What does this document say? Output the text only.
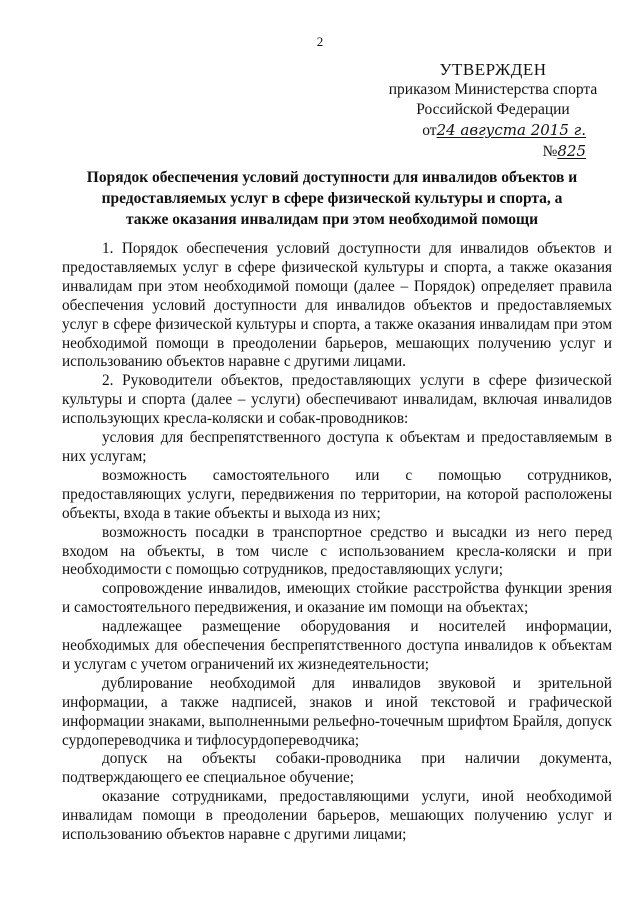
2
УТВЕРЖДЕН
приказом Министерства спорта
Российской Федерации
от24 августа 2015 г. №825
Порядок обеспечения условий доступности для инвалидов объектов и предоставляемых услуг в сфере физической культуры и спорта, а также оказания инвалидам при этом необходимой помощи

1. Порядок обеспечения условий доступности для инвалидов объектов и предоставляемых услуг в сфере физической культуры и спорта, а также оказания инвалидам при этом необходимой помощи (далее – Порядок) определяет правила обеспечения условий доступности для инвалидов объектов и предоставляемых услуг в сфере физической культуры и спорта, а также оказания инвалидам при этом необходимой помощи в преодолении барьеров, мешающих получению услуг и использованию объектов наравне с другими лицами.

2. Руководители объектов, предоставляющих услуги в сфере физической культуры и спорта (далее – услуги) обеспечивают инвалидам, включая инвалидов использующих кресла-коляски и собак-проводников:

условия для беспрепятственного доступа к объектам и предоставляемым в них услугам;

возможность самостоятельного или с помощью сотрудников, предоставляющих услуги, передвижения по территории, на которой расположены объекты, входа в такие объекты и выхода из них;

возможность посадки в транспортное средство и высадки из него перед входом на объекты, в том числе с использованием кресла-коляски и при необходимости с помощью сотрудников, предоставляющих услуги;

сопровождение инвалидов, имеющих стойкие расстройства функции зрения и самостоятельного передвижения, и оказание им помощи на объектах;

надлежащее размещение оборудования и носителей информации, необходимых для обеспечения беспрепятственного доступа инвалидов к объектам и услугам с учетом ограничений их жизнедеятельности;

дублирование необходимой для инвалидов звуковой и зрительной информации, а также надписей, знаков и иной текстовой и графической информации знаками, выполненными рельефно-точечным шрифтом Брайля, допуск сурдопереводчика и тифлосурдопереводчика;

допуск на объекты собаки-проводника при наличии документа, подтверждающего ее специальное обучение;

оказание сотрудниками, предоставляющими услуги, иной необходимой инвалидам помощи в преодолении барьеров, мешающих получению услуг и использованию объектов наравне с другими лицами;
